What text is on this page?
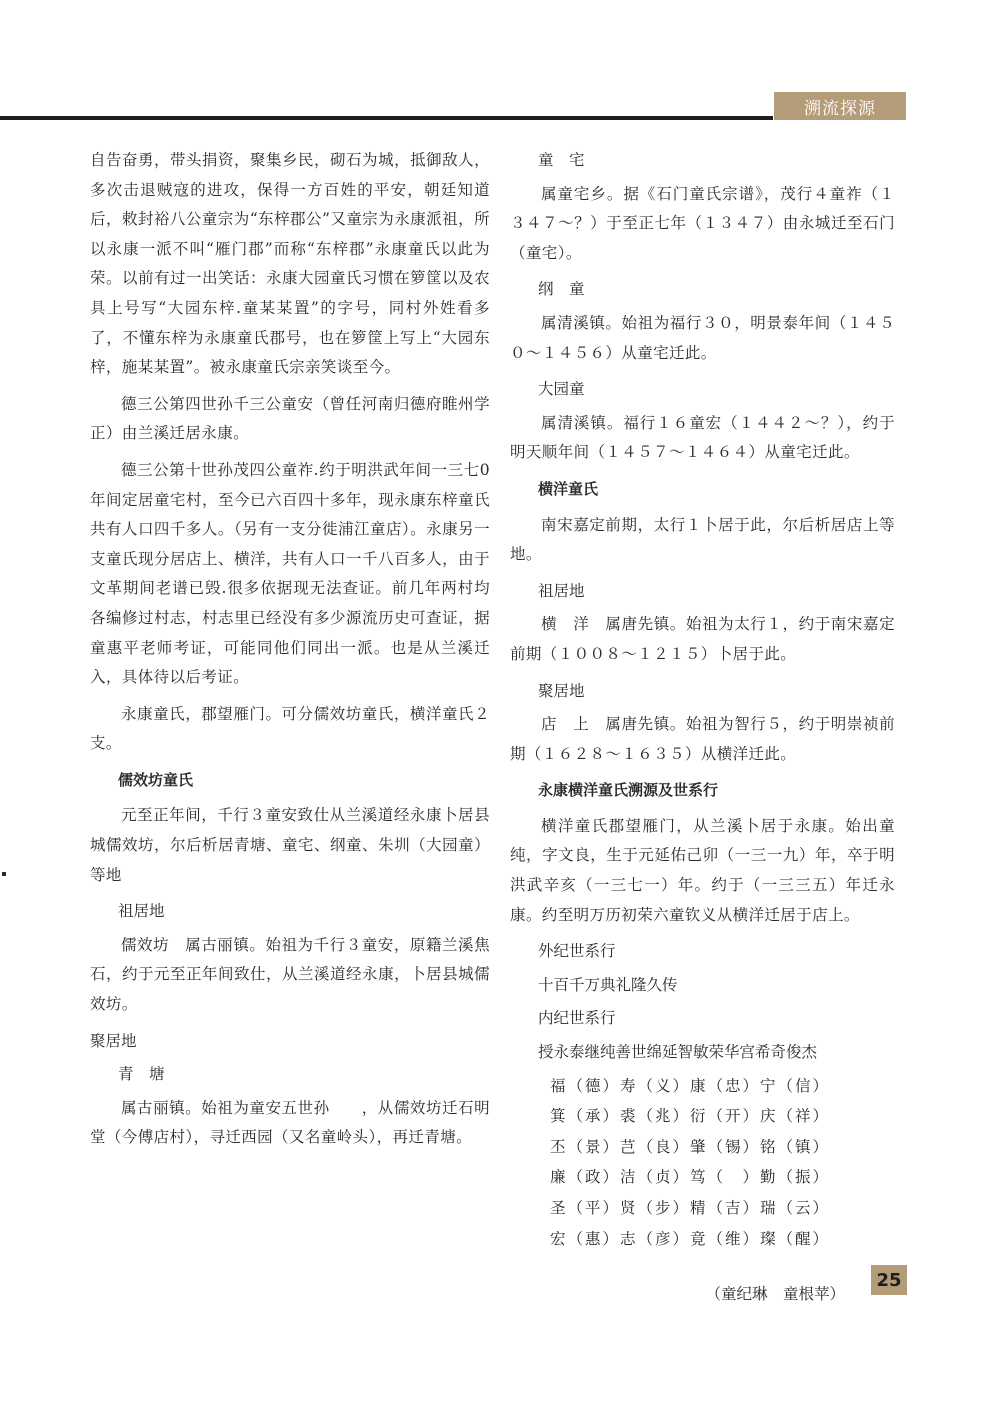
溯流探源

自告奋勇，带头捐资，聚集乡民，砌石为城，抵御敌人，多次击退贼寇的进攻，保得一方百姓的平安，朝廷知道后，敕封裕八公童宗为“东梓郡公”又童宗为永康派祖，所以永康一派不叫“雁门郡”而称“东梓郡”永康童氏以此为荣。以前有过一出笑话：永康大园童氏习惯在箩筐以及农具上号写“大园东梓.童某某置”的字号，同村外姓看多了，不懂东梓为永康童氏郡号，也在箩筐上写上“大园东梓，施某某置”。被永康童氏宗亲笑谈至今。

德三公第四世孙千三公童安（曾任河南归德府睢州学正）由兰溪迁居永康。

德三公第十世孙茂四公童祚.约于明洪武年间一三七0年间定居童宅村，至今已六百四十多年，现永康东梓童氏共有人口四千多人。（另有一支分徙浦江童店）。永康另一支童氏现分居店上、横洋，共有人口一千八百多人，由于文革期间老谱已毁.很多依据现无法查证。前几年两村均各编修过村志，村志里已经没有多少源流历史可查证，据童惠平老师考证，可能同他们同出一派。也是从兰溪迁入，具体待以后考证。

永康童氏，郡望雁门。可分儒效坊童氏，横洋童氏２支。

儒效坊童氏

元至正年间，千行３童安致仕从兰溪道经永康卜居县城儒效坊，尔后析居青塘、童宅、纲童、朱圳（大园童）等地

祖居地

儒效坊　属古丽镇。始祖为千行３童安，原籍兰溪焦石，约于元至正年间致仕，从兰溪道经永康，卜居县城儒效坊。

聚居地
青　塘

属古丽镇。始祖为童安五世孙　　，从儒效坊迁石明堂（今傅店村），寻迁西园（又名童岭头），再迁青塘。

童　宅

属童宅乡。据《石门童氏宗谱》，茂行４童祚（１３４７～？）于至正七年（１３４７）由永城迁至石门（童宅）。

纲　童

属清溪镇。始祖为福行３０，明景泰年间（１４５０～１４５６）从童宅迁此。

大园童

属清溪镇。福行１６童宏（１４４２～？），约于明天顺年间（１４５７～１４６４）从童宅迁此。

横洋童氏

南宋嘉定前期，太行１卜居于此，尔后析居店上等地。

祖居地

横　洋　属唐先镇。始祖为太行１，约于南宋嘉定前期（１００８～１２１５）卜居于此。

聚居地

店　上　属唐先镇。始祖为智行５，约于明崇祯前期（１６２８～１６３５）从横洋迁此。

永康横洋童氏溯源及世系行

横洋童氏郡望雁门，从兰溪卜居于永康。始出童纯，字文良，生于元延佑己卯（一三一九）年，卒于明洪武辛亥（一三七一）年。约于（一三三五）年迁永康。约至明万历初荣六童钦义从横洋迁居于店上。

外纪世系行
十百千万典礼隆久传
内纪世系行
授永泰继纯善世绵延智敏荣华宫希奇俊杰
福（德）寿（义）康（忠）宁（信）
箕（承）裘（兆）衍（开）庆（祥）
丕（景）芑（良）肇（锡）铭（镇）
廉（政）洁（贞）笃（　）勤（振）
圣（平）贤（步）精（吉）瑞（云）
宏（惠）志（彦）竟（维）璨（醒）
（童纪琳　童根苹）
25
